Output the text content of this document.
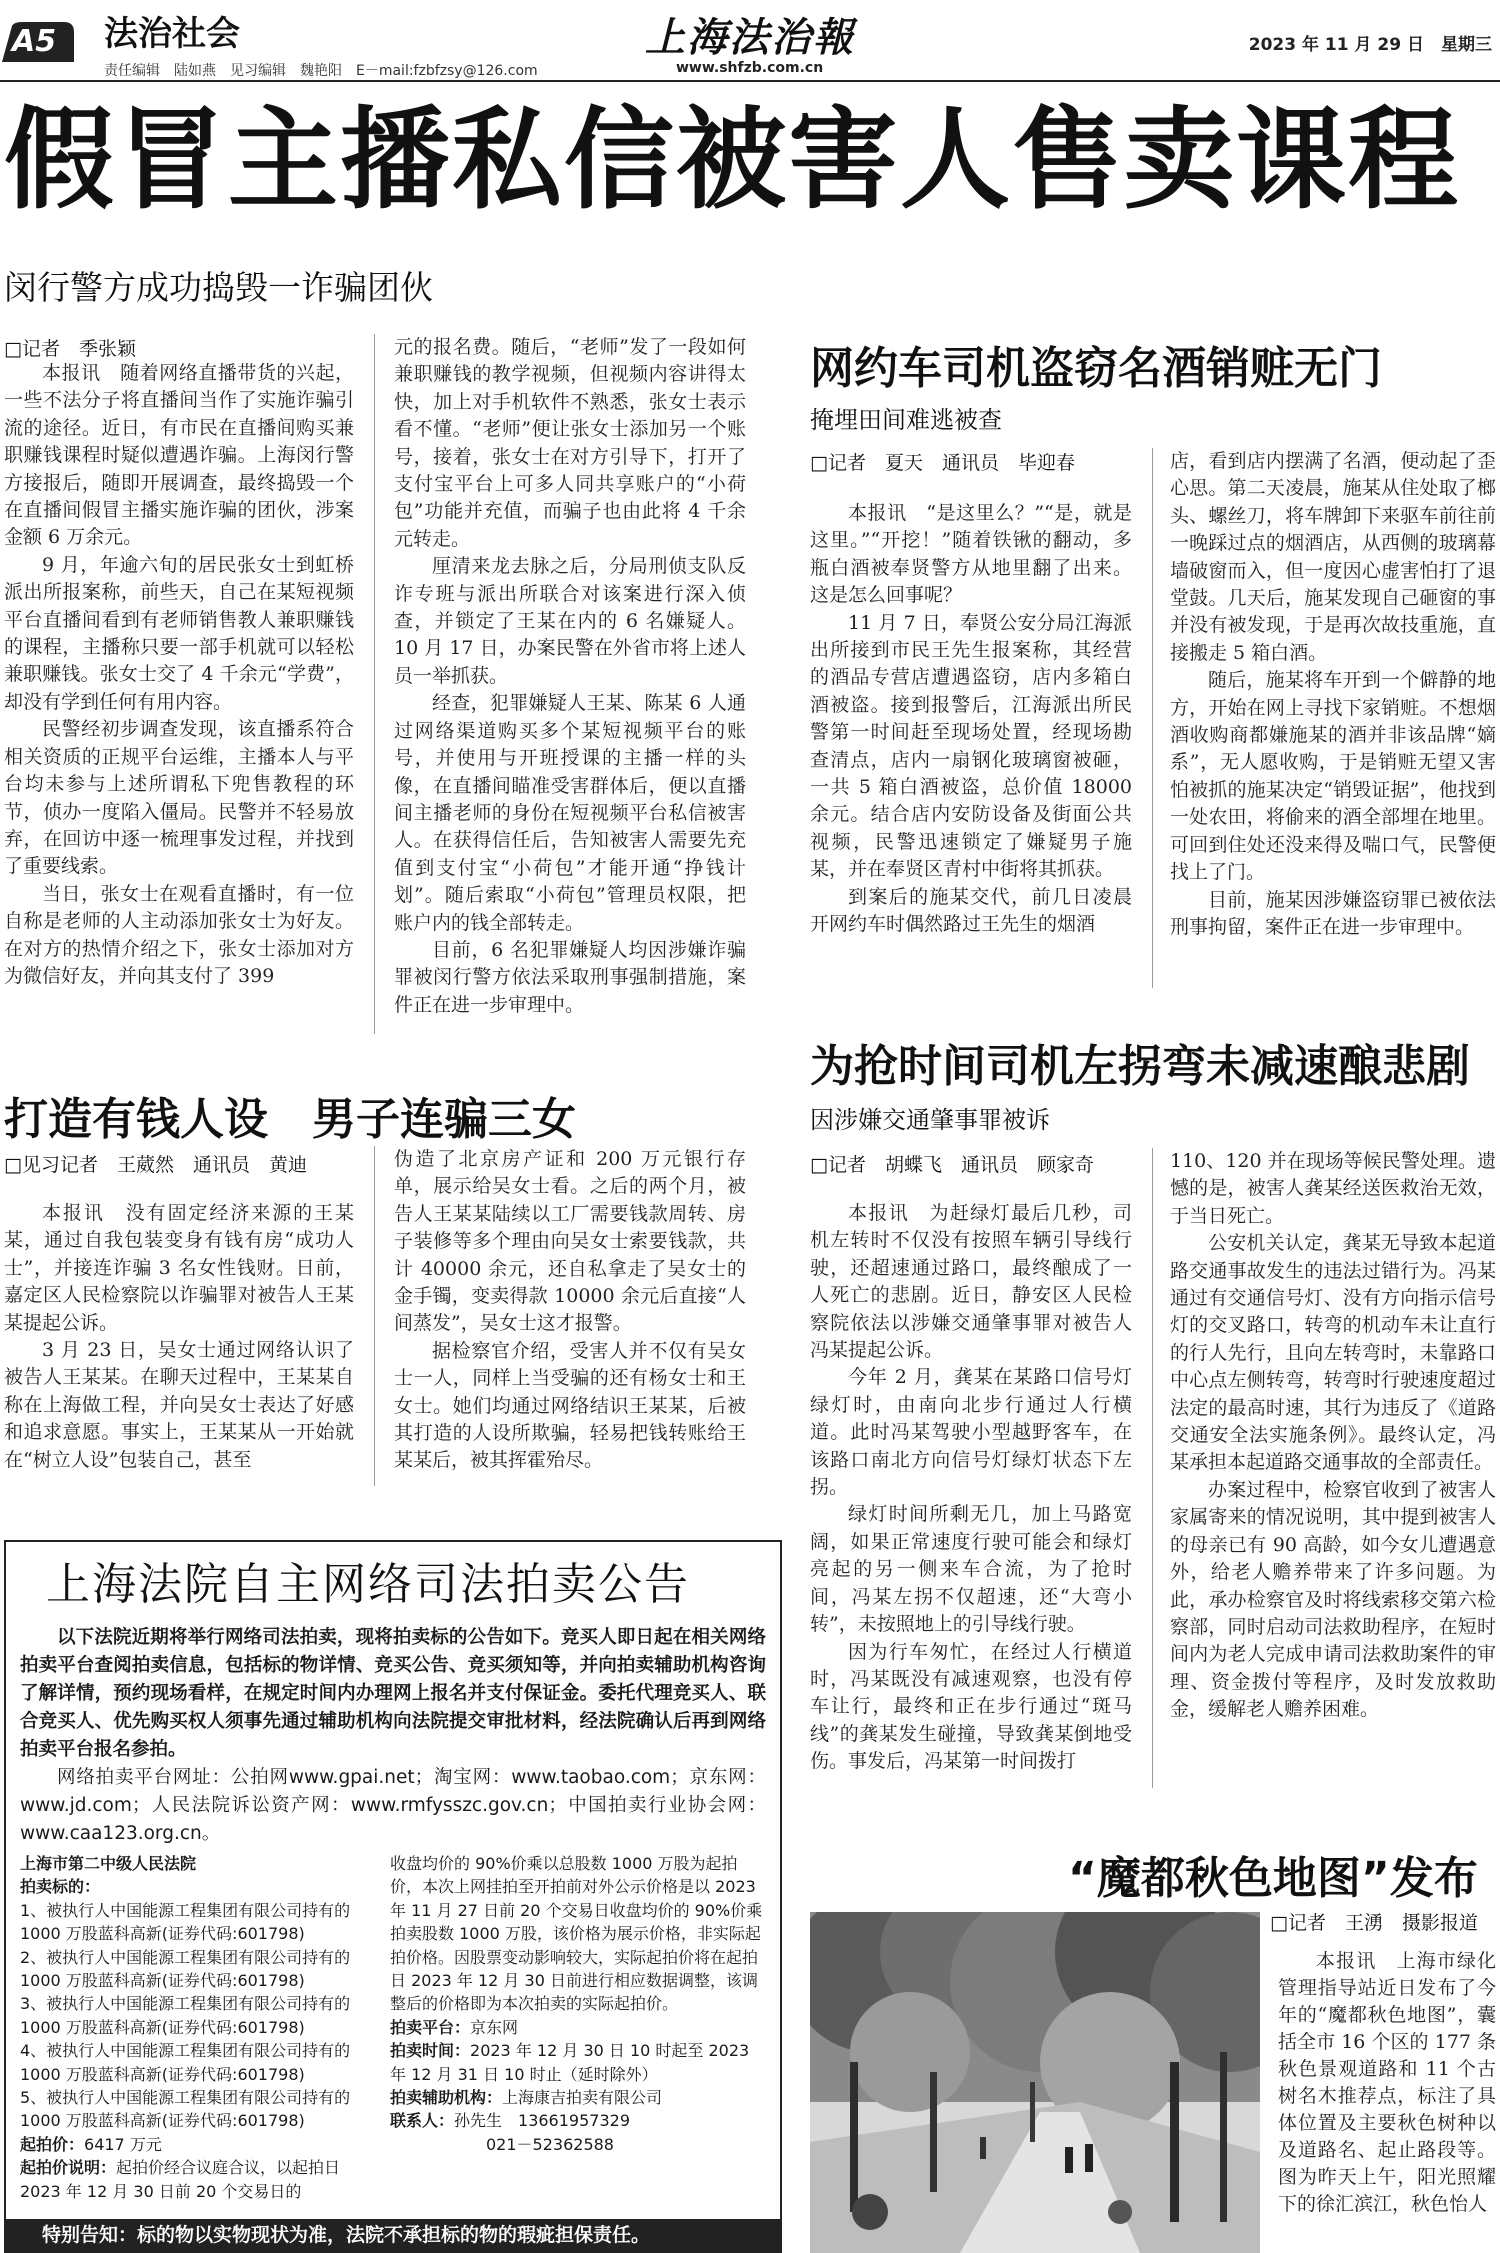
A5 法治社会
责任编辑　陆如燕　见习编辑　魏艳阳　E－mail:fzbfzsy@126.com
上海法治報
www.shfzb.com.cn
2023 年 11 月 29 日　星期三
假冒主播私信被害人售卖课程
闵行警方成功捣毁一诈骗团伙
□记者　季张颖

本报讯　随着网络直播带货的兴起，一些不法分子将直播间当作了实施诈骗引流的途径。近日，有市民在直播间购买兼职赚钱课程时疑似遭遇诈骗。上海闵行警方接报后，随即开展调查，最终捣毁一个在直播间假冒主播实施诈骗的团伙，涉案金额 6 万余元。

9 月，年逾六旬的居民张女士到虹桥派出所报案称，前些天，自己在某短视频平台直播间看到有老师销售教人兼职赚钱的课程，主播称只要一部手机就可以轻松兼职赚钱。张女士交了 4 千余元“学费”，却没有学到任何有用内容。

民警经初步调查发现，该直播系符合相关资质的正规平台运维，主播本人与平台均未参与上述所谓私下兜售教程的环节，侦办一度陷入僵局。民警并不轻易放弃，在回访中逐一梳理事发过程，并找到了重要线索。

当日，张女士在观看直播时，有一位自称是老师的人主动添加张女士为好友。在对方的热情介绍之下，张女士添加对方为微信好友，并向其支付了 399

元的报名费。随后，“老师”发了一段如何兼职赚钱的教学视频，但视频内容讲得太快，加上对手机软件不熟悉，张女士表示看不懂。“老师”便让张女士添加另一个账号，接着，张女士在对方引导下，打开了支付宝平台上可多人同共享账户的“小荷包”功能并充值，而骗子也由此将 4 千余元转走。

厘清来龙去脉之后，分局刑侦支队反诈专班与派出所联合对该案进行深入侦查，并锁定了王某在内的 6 名嫌疑人。10 月 17 日，办案民警在外省市将上述人员一举抓获。

经查，犯罪嫌疑人王某、陈某 6 人通过网络渠道购买多个某短视频平台的账号，并使用与开班授课的主播一样的头像，在直播间瞄准受害群体后，便以直播间主播老师的身份在短视频平台私信被害人。在获得信任后，告知被害人需要先充值到支付宝“小荷包”才能开通“挣钱计划”。随后索取“小荷包”管理员权限，把账户内的钱全部转走。

目前，6 名犯罪嫌疑人均因涉嫌诈骗罪被闵行警方依法采取刑事强制措施，案件正在进一步审理中。

网约车司机盗窃名酒销赃无门
掩埋田间难逃被查
□记者　夏天　通讯员　毕迎春

本报讯　“是这里么？”“是，就是这里。”“开挖！”随着铁锹的翻动，多瓶白酒被奉贤警方从地里翻了出来。这是怎么回事呢？

11 月 7 日，奉贤公安分局江海派出所接到市民王先生报案称，其经营的酒品专营店遭遇盗窃，店内多箱白酒被盗。接到报警后，江海派出所民警第一时间赶至现场处置，经现场勘查清点，店内一扇钢化玻璃窗被砸，一共 5 箱白酒被盗，总价值 18000 余元。结合店内安防设备及街面公共视频，民警迅速锁定了嫌疑男子施某，并在奉贤区青村中街将其抓获。

到案后的施某交代，前几日凌晨开网约车时偶然路过王先生的烟酒

店，看到店内摆满了名酒，便动起了歪心思。第二天凌晨，施某从住处取了榔头、螺丝刀，将车牌卸下来驱车前往前一晚踩过点的烟酒店，从西侧的玻璃幕墙破窗而入，但一度因心虚害怕打了退堂鼓。几天后，施某发现自己砸窗的事并没有被发现，于是再次故技重施，直接搬走 5 箱白酒。

随后，施某将车开到一个僻静的地方，开始在网上寻找下家销赃。不想烟酒收购商都嫌施某的酒并非该品牌“嫡系”，无人愿收购，于是销赃无望又害怕被抓的施某决定“销毁证据”，他找到一处农田，将偷来的酒全部埋在地里。可回到住处还没来得及喘口气，民警便找上了门。

目前，施某因涉嫌盗窃罪已被依法刑事拘留，案件正在进一步审理中。

打造有钱人设　男子连骗三女
□见习记者　王葳然　通讯员　黄迪

本报讯　没有固定经济来源的王某某，通过自我包装变身有钱有房“成功人士”，并接连诈骗 3 名女性钱财。日前，嘉定区人民检察院以诈骗罪对被告人王某某提起公诉。

3 月 23 日，吴女士通过网络认识了被告人王某某。在聊天过程中，王某某自称在上海做工程，并向吴女士表达了好感和追求意愿。事实上，王某某从一开始就在“树立人设”包装自己，甚至

伪造了北京房产证和 200 万元银行存单，展示给吴女士看。之后的两个月，被告人王某某陆续以工厂需要钱款周转、房子装修等多个理由向吴女士索要钱款，共计 40000 余元，还自私拿走了吴女士的金手镯，变卖得款 10000 余元后直接“人间蒸发”，吴女士这才报警。

据检察官介绍，受害人并不仅有吴女士一人，同样上当受骗的还有杨女士和王女士。她们均通过网络结识王某某，后被其打造的人设所欺骗，轻易把钱转账给王某某后，被其挥霍殆尽。

为抢时间司机左拐弯未减速酿悲剧
因涉嫌交通肇事罪被诉
□记者　胡蝶飞　通讯员　顾家奇

本报讯　为赶绿灯最后几秒，司机左转时不仅没有按照车辆引导线行驶，还超速通过路口，最终酿成了一人死亡的悲剧。近日，静安区人民检察院依法以涉嫌交通肇事罪对被告人冯某提起公诉。

今年 2 月，龚某在某路口信号灯绿灯时，由南向北步行通过人行横道。此时冯某驾驶小型越野客车，在该路口南北方向信号灯绿灯状态下左拐。

绿灯时间所剩无几，加上马路宽阔，如果正常速度行驶可能会和绿灯亮起的另一侧来车合流，为了抢时间，冯某左拐不仅超速，还“大弯小转”，未按照地上的引导线行驶。

因为行车匆忙，在经过人行横道时，冯某既没有减速观察，也没有停车让行，最终和正在步行通过“斑马线”的龚某发生碰撞，导致龚某倒地受伤。事发后，冯某第一时间拨打

110、120 并在现场等候民警处理。遗憾的是，被害人龚某经送医救治无效，于当日死亡。

公安机关认定，龚某无导致本起道路交通事故发生的违法过错行为。冯某通过有交通信号灯、没有方向指示信号灯的交叉路口，转弯的机动车未让直行的行人先行，且向左转弯时，未靠路口中心点左侧转弯，转弯时行驶速度超过法定的最高时速，其行为违反了《道路交通安全法实施条例》。最终认定，冯某承担本起道路交通事故的全部责任。

办案过程中，检察官收到了被害人家属寄来的情况说明，其中提到被害人的母亲已有 90 高龄，如今女儿遭遇意外，给老人赡养带来了许多问题。为此，承办检察官及时将线索移交第六检察部，同时启动司法救助程序，在短时间内为老人完成申请司法救助案件的审理、资金拨付等程序，及时发放救助金，缓解老人赡养困难。

上海法院自主网络司法拍卖公告

以下法院近期将举行网络司法拍卖，现将拍卖标的公告如下。竞买人即日起在相关网络拍卖平台查阅拍卖信息，包括标的物详情、竞买公告、竞买须知等，并向拍卖辅助机构咨询了解详情，预约现场看样，在规定时间内办理网上报名并支付保证金。委托代理竞买人、联合竞买人、优先购买权人须事先通过辅助机构向法院提交审批材料，经法院确认后再到网络拍卖平台报名参拍。

网络拍卖平台网址：公拍网www.gpai.net；淘宝网：www.taobao.com；京东网：www.jd.com；人民法院诉讼资产网：www.rmfysszc.gov.cn；中国拍卖行业协会网：www.caa123.org.cn。

上海市第二中级人民法院

拍卖标的：

1、被执行人中国能源工程集团有限公司持有的 1000 万股蓝科高新(证券代码:601798)

2、被执行人中国能源工程集团有限公司持有的 1000 万股蓝科高新(证券代码:601798)

3、被执行人中国能源工程集团有限公司持有的 1000 万股蓝科高新(证券代码:601798)

4、被执行人中国能源工程集团有限公司持有的 1000 万股蓝科高新(证券代码:601798)

5、被执行人中国能源工程集团有限公司持有的 1000 万股蓝科高新(证券代码:601798)

起拍价：6417 万元

起拍价说明：起拍价经合议庭合议，以起拍日 2023 年 12 月 30 日前 20 个交易日的

收盘均价的 90%价乘以总股数 1000 万股为起拍价，本次上网挂拍至开拍前对外公示价格是以 2023 年 11 月 27 日前 20 个交易日收盘均价的 90%价乘拍卖股数 1000 万股，该价格为展示价格，非实际起拍价格。因股票变动影响较大，实际起拍价将在起拍日 2023 年 12 月 30 日前进行相应数据调整，该调整后的价格即为本次拍卖的实际起拍价。

拍卖平台：京东网

拍卖时间：2023 年 12 月 30 日 10 时起至 2023 年 12 月 31 日 10 时止（延时除外）

拍卖辅助机构：上海康吉拍卖有限公司

联系人：孙先生　13661957329

021－52362588

特别告知：标的物以实物现状为准，法院不承担标的物的瑕疵担保责任。
“魔都秋色地图”发布
□记者　王湧　摄影报道

本报讯　上海市绿化管理指导站近日发布了今年的“魔都秋色地图”，囊括全市 16 个区的 177 条秋色景观道路和 11 个古树名木推荐点，标注了具体位置及主要秋色树种以及道路名、起止路段等。图为昨天上午，阳光照耀下的徐汇滨江，秋色怡人
